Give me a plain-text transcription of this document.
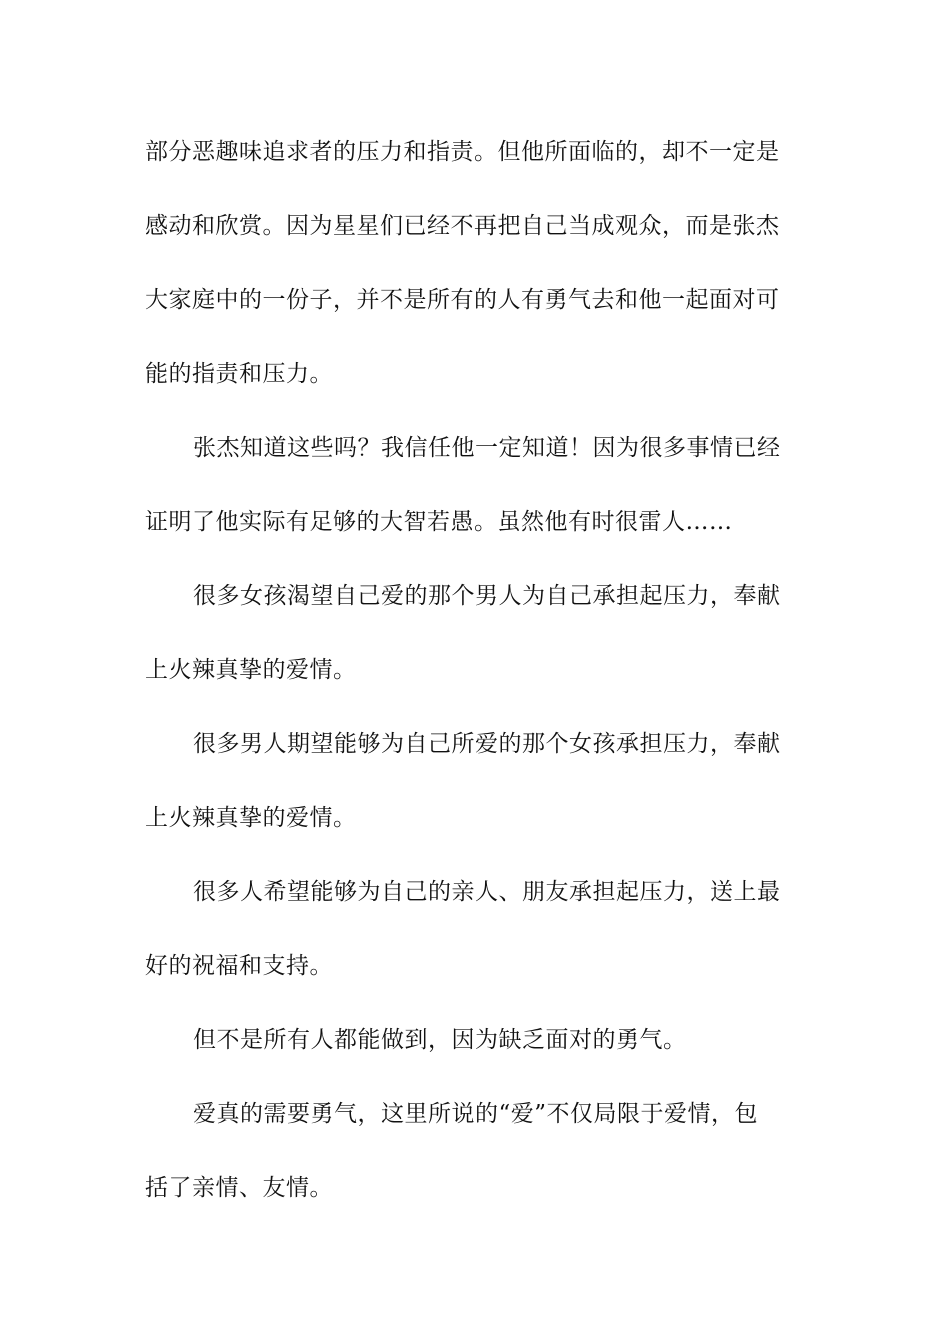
部分恶趣味追求者的压力和指责。但他所面临的，却不一定是
感动和欣赏。因为星星们已经不再把自己当成观众，而是张杰
大家庭中的一份子，并不是所有的人有勇气去和他一起面对可
能的指责和压力。
张杰知道这些吗？我信任他一定知道！因为很多事情已经
证明了他实际有足够的大智若愚。虽然他有时很雷人……
很多女孩渴望自己爱的那个男人为自己承担起压力，奉献
上火辣真挚的爱情。
很多男人期望能够为自己所爱的那个女孩承担压力，奉献
上火辣真挚的爱情。
很多人希望能够为自己的亲人、朋友承担起压力，送上最
好的祝福和支持。
但不是所有人都能做到，因为缺乏面对的勇气。
爱真的需要勇气，这里所说的“爱”不仅局限于爱情，包
括了亲情、友情。
